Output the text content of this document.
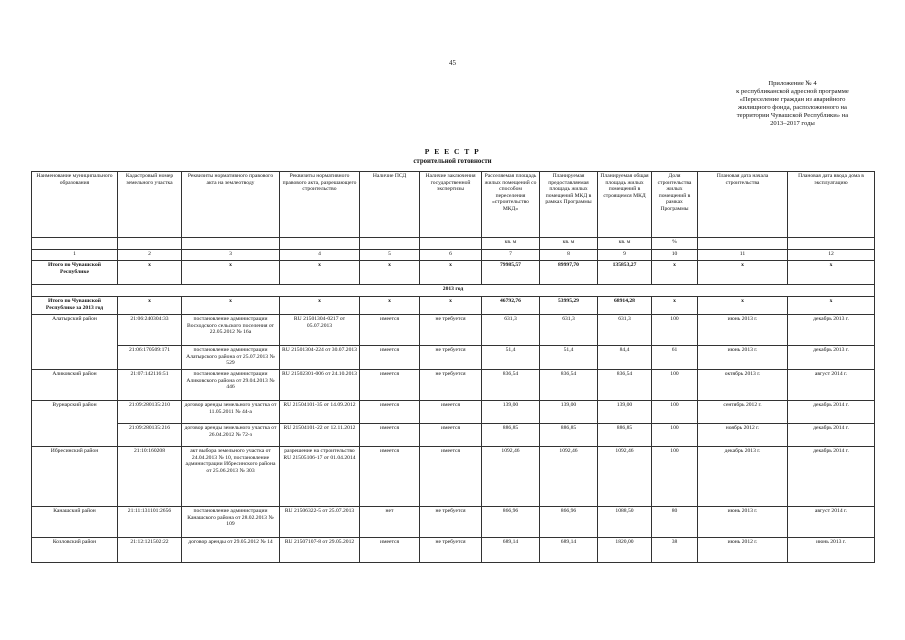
45
Приложение № 4
к республиканской адресной программе
«Переселение граждан из аварийного
жилищного фонда, расположенного на
территории Чувашской Республики» на
2013–2017 годы
Р Е Е С Т Р
строительной готовности
Наименование муниципального образования	Кадастровый номер земельного участка	Реквизиты нормативного правового акта на землеотводу	Реквизиты нормативного правового акта, разрешающего строительство	Наличие ПСД	Наличие заключения государственной экспертизы	Расселяемая площадь жилых помещений со способом переселения «строительство МКД»	Планируемая предоставляемая площадь жилых помещений МКД в рамках Программы	Планируемая общая площадь жилых помещений в строящемся МКД	Доля строительства жилых помещений в рамках Программы	Плановая дата начала строительства	Плановая дата ввода дома в эксплуатацию
						кв. м	кв. м	кв. м	%		
1	2	3	4	5	6	7	8	9	10	11	12
Итого по Чувашской Республике	x	x	x	x	x	79985,57	89997,70	135853,27	x	x	x
2013 год											
Итого по Чувашской Республике за 2013 год	x	x	x	x	x	46792,76	53995,29	68914,28	x	x	x
Алатырский район	21:06:240304:33	постановление администрации Восходского сельского поселения от 22.05.2012 № 16а	RU 21501304-0217 от 05.07.2013	имеется	не требуется	631,3	631,3	631,3	100	июнь 2013 г.	декабрь 2013 г.
	21:06:170509:171	постановление администрации Алатырского района от 25.07.2013 № 529	RU 21501304-224 от 30.07.2013	имеется	не требуется	51,4	51,4	84,4	61	июнь 2013 г.	декабрь 2013 г.
Аликовский район	21:07:142116:51	постановление администрации Аликовского района от 29.04.2013 № 446	RU 21502301-006 от 24.10.2013	имеется	не требуется	836,54	836,54	836,54	100	октябрь 2013 г.	август 2014 г.
Вурнарский район	21:09:280135:210	договор аренды земельного участка от 11.05.2011 № 44-а	RU 21504101-35 от 14.09.2012	имеется	имеется	139,00	139,00	139,00	100	сентябрь 2012 г.	декабрь 2014 г.
	21:09:280135:216	договор аренды земельного участка от 26.04.2012 № 72-з	RU 21504101-22 от 12.11.2012	имеется	имеется	886,85	886,85	886,85	100	ноябрь 2012 г.	декабрь 2014 г.
Ибресинский район	21:10:160208	акт выбора земельного участка от 24.04.2013 № 10, постановление администрации Ибресинского района от 25.06.2013 № 303	разрешение на строительство RU 21505106-17 от 01.04.2014	имеется	имеется	1092,46	1092,46	1092,46	100	декабрь 2013 г.	декабрь 2014 г.
Канашский район	21:11:131101:2656	постановление администрации Канашского района от 28.02.2013 № 109	RU 21506322-5 от 25.07.2013	нет	не требуется	866,96	866,96	1088,50	80	июнь 2013 г.	август 2014 г.
Козловский район	21:12:121502:22	договор аренды от 29.05.2012 № 14	RU 21507107-8 от 29.05.2012	имеется	не требуется	689,14	689,14	1820,00	38	июнь 2012 г.	июнь 2013 г.
